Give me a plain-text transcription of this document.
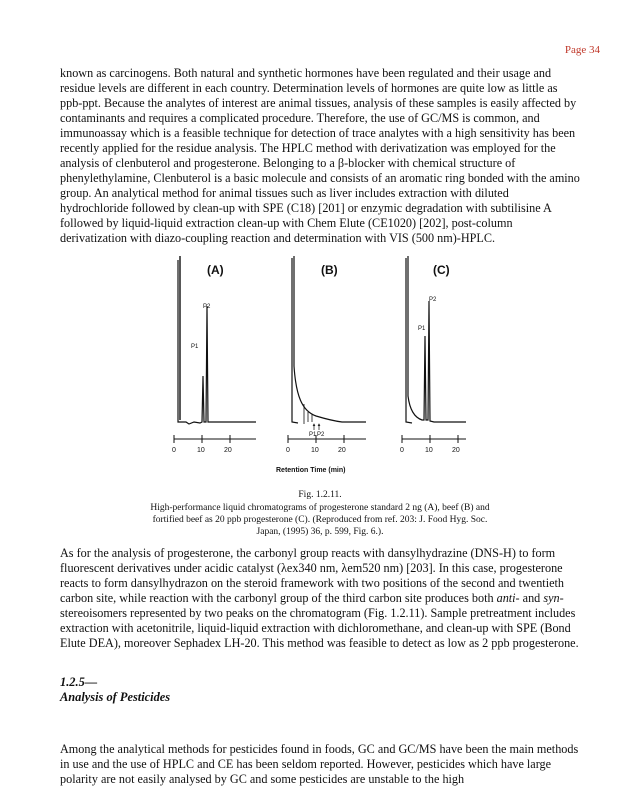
Page 34

known as carcinogens. Both natural and synthetic hormones have been regulated and their usage and residue levels are different in each country. Determination levels of hormones are quite low as little as ppb-ppt. Because the analytes of interest are animal tissues, analysis of these samples is easily affected by contaminants and requires a complicated procedure. Therefore, the use of GC/MS is common, and immunoassay which is a feasible technique for detection of trace analytes with a high sensitivity has been recently applied for the residue analysis. The HPLC method with derivatization was employed for the analysis of clenbuterol and progesterone. Belonging to a β-blocker with chemical structure of phenylethylamine, Clenbuterol is a basic molecule and consists of an aromatic ring bonded with the amino group. An analytical method for animal tissues such as liver includes extraction with diluted hydrochloride followed by clean-up with SPE (C18) [201] or enzymic degradation with subtilisine A followed by liquid-liquid extraction clean-up with Chem Elute (CE1020) [202], post-column derivatization with diazo-coupling reaction and determination with VIS (500 nm)-HPLC.

(A)
P2
P1
0	10	20
(B)
P1 P2
0	10	20
(C)
P2
P1
0	10	20
Retention Time (min)
Fig. 1.2.11.
High-performance liquid chromatograms of progesterone standard 2 ng (A), beef (B) and fortified beef as 20 ppb progesterone (C). (Reproduced from ref. 203: J. Food Hyg. Soc. Japan, (1995) 36, p. 599, Fig. 6.).

As for the analysis of progesterone, the carbonyl group reacts with dansylhydrazine (DNS-H) to form fluorescent derivatives under acidic catalyst (λex340 nm, λem520 nm) [203]. In this case, progesterone reacts to form dansylhydrazon on the steroid framework with two positions of the second and twentieth carbon site, while reaction with the carbonyl group of the third carbon site produces both anti- and syn-stereoisomers represented by two peaks on the chromatogram (Fig. 1.2.11). Sample pretreatment includes extraction with acetonitrile, liquid-liquid extraction with dichloromethane, and clean-up with SPE (Bond Elute DEA), moreover Sephadex LH-20. This method was feasible to detect as low as 2 ppb progesterone.

1.2.5—
Analysis of Pesticides

Among the analytical methods for pesticides found in foods, GC and GC/MS have been the main methods in use and the use of HPLC and CE has been seldom reported. However, pesticides which have large polarity are not easily analysed by GC and some pesticides are unstable to the high
